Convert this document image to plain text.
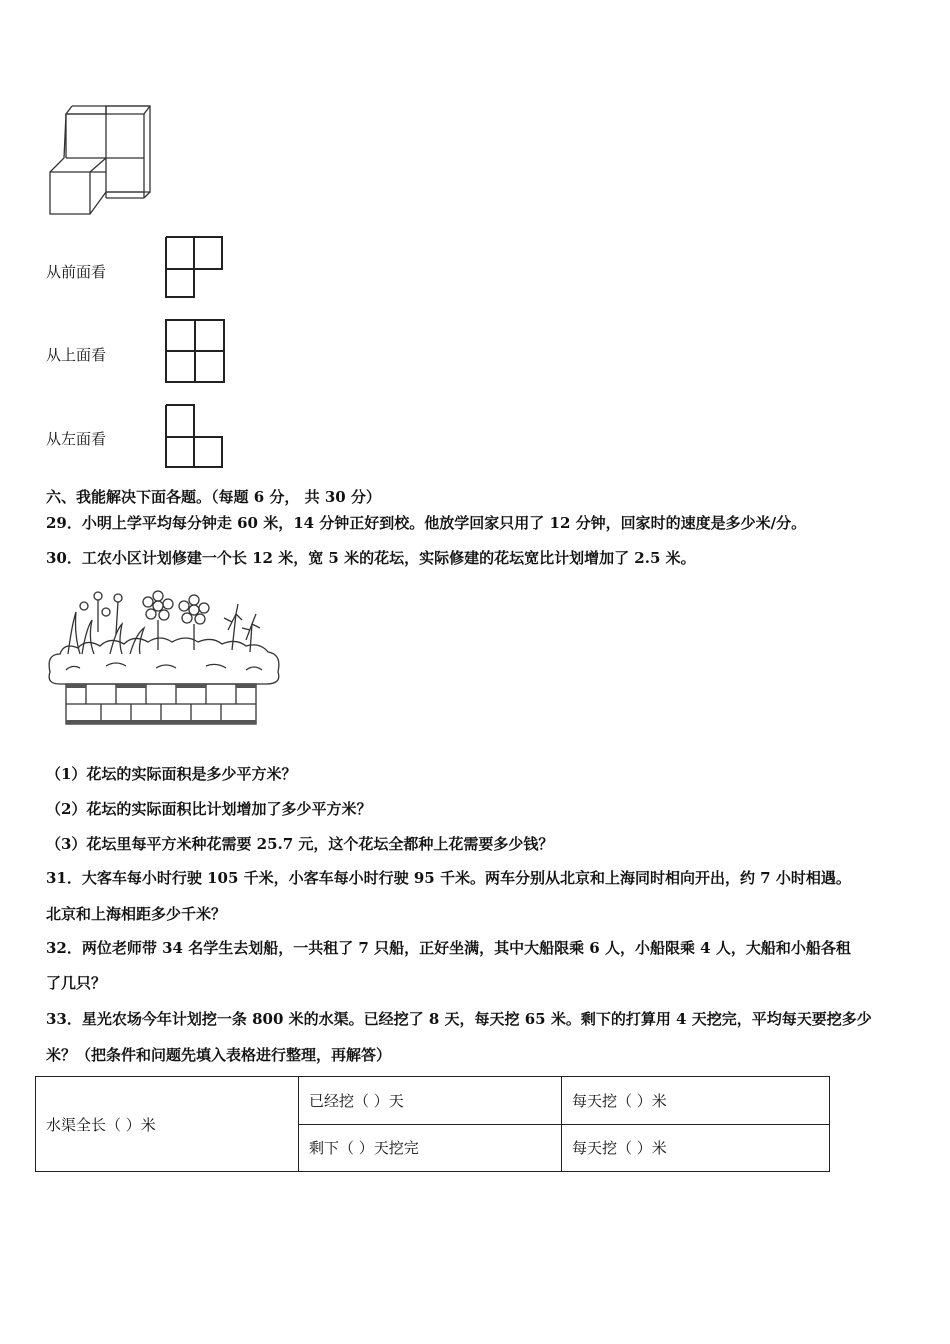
从前面看
从上面看
从左面看
六、我能解决下面各题。（每题 6 分， 共 30 分）
29．小明上学平均每分钟走 60 米，14 分钟正好到校。他放学回家只用了 12 分钟，回家时的速度是多少米/分。
30．工农小区计划修建一个长 12 米，宽 5 米的花坛，实际修建的花坛宽比计划增加了 2.5 米。
（1）花坛的实际面积是多少平方米？
（2）花坛的实际面积比计划增加了多少平方米？
（3）花坛里每平方米种花需要 25.7 元，这个花坛全都种上花需要多少钱？
31．大客车每小时行驶 105 千米，小客车每小时行驶 95 千米。两车分别从北京和上海同时相向开出，约 7 小时相遇。
北京和上海相距多少千米？
32．两位老师带 34 名学生去划船，一共租了 7 只船，正好坐满，其中大船限乘 6 人，小船限乘 4 人，大船和小船各租
了几只？
33．星光农场今年计划挖一条 800 米的水渠。已经挖了 8 天，每天挖 65 米。剩下的打算用 4 天挖完，平均每天要挖多少
米？（把条件和问题先填入表格进行整理，再解答）
水渠全长（ ）米	已经挖（ ）天	每天挖（ ）米
	剩下（ ）天挖完	每天挖（ ）米
